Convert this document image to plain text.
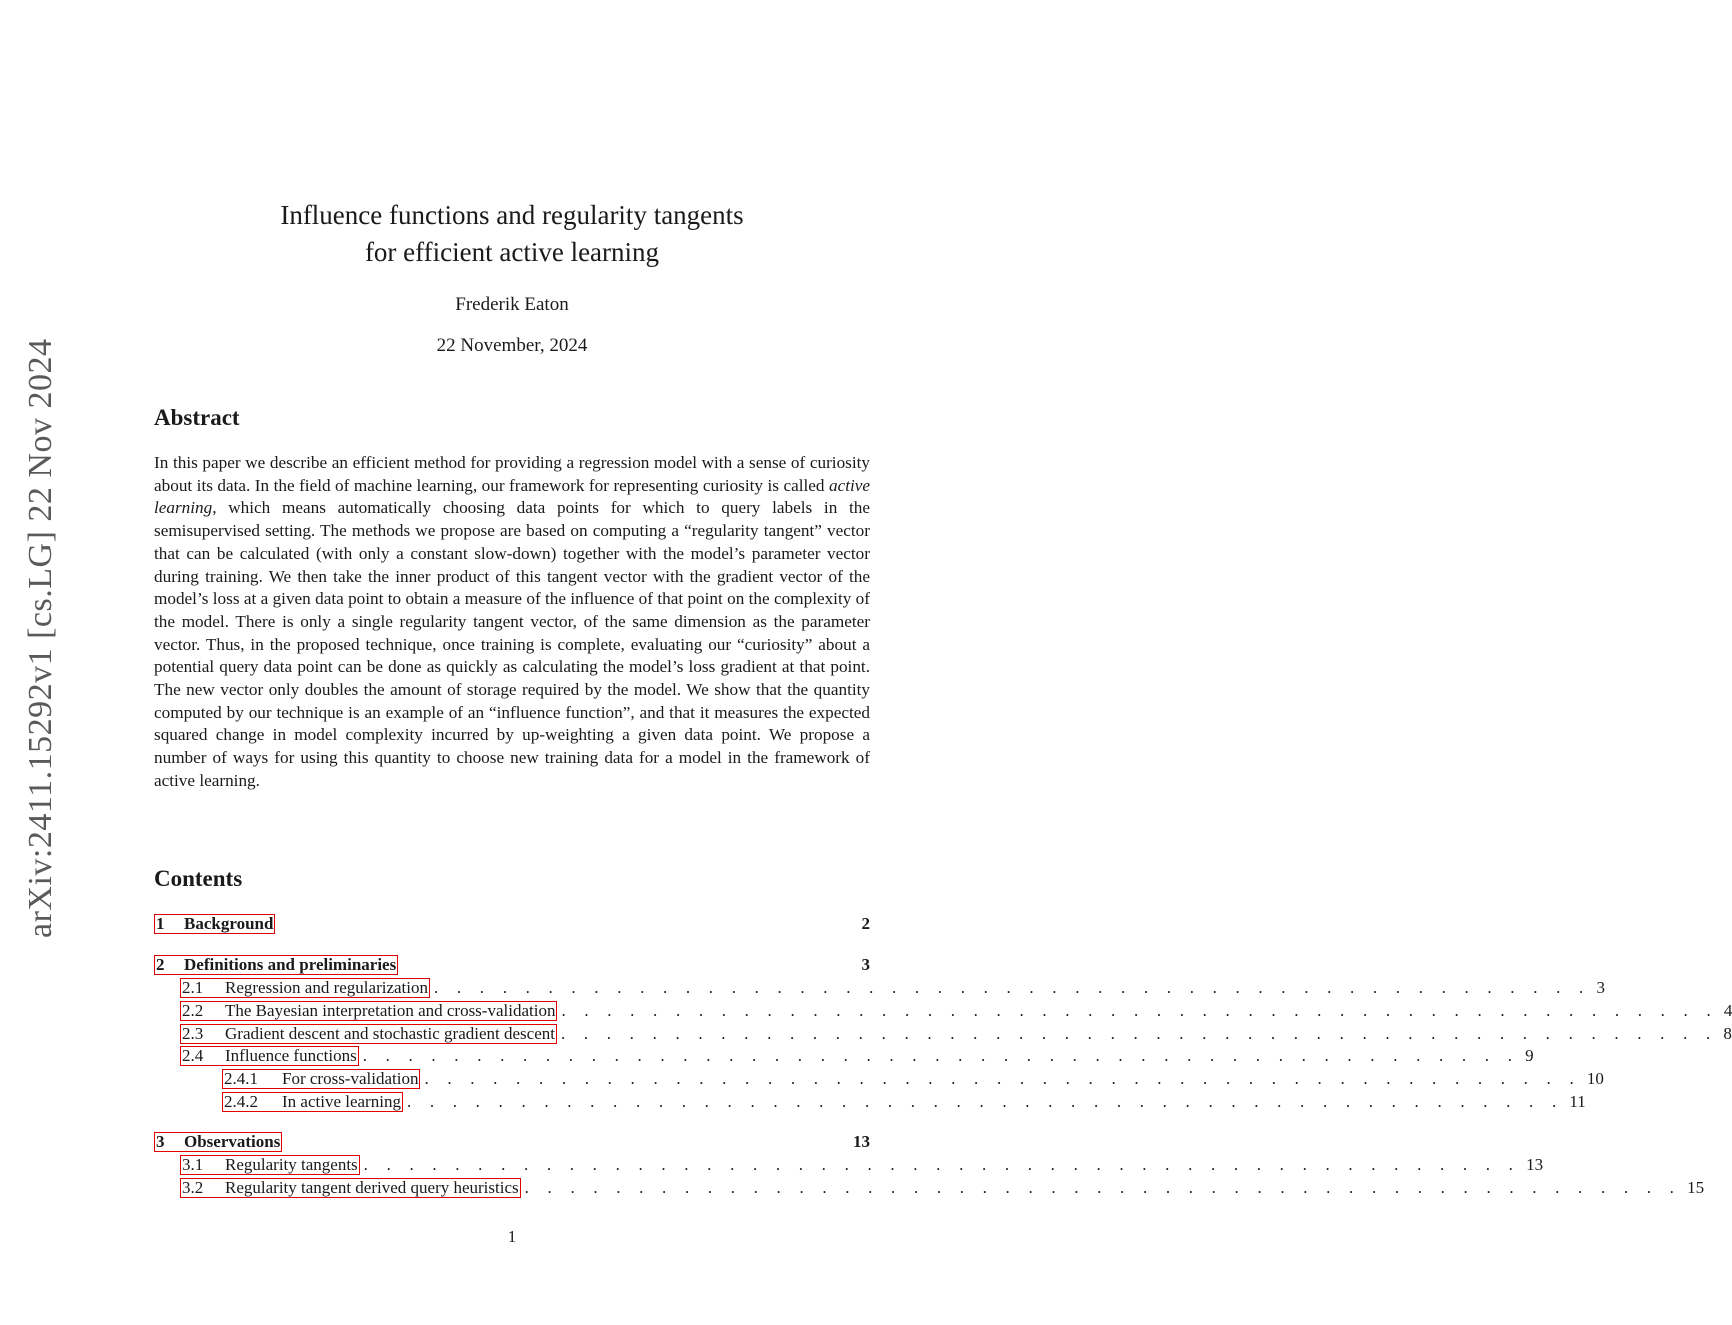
arXiv:2411.15292v1 [cs.LG] 22 Nov 2024
Influence functions and regularity tangents
for efficient active learning
Frederik Eaton
22 November, 2024
Abstract
In this paper we describe an efficient method for providing a regression model with a sense of curiosity about its data. In the field of machine learning, our framework for representing curiosity is called active learning, which means automatically choosing data points for which to query labels in the semisupervised setting. The methods we propose are based on computing a “regularity tangent” vector that can be calculated (with only a constant slow-down) together with the model’s parameter vector during training. We then take the inner product of this tangent vector with the gradient vector of the model’s loss at a given data point to obtain a measure of the influence of that point on the complexity of the model. There is only a single regularity tangent vector, of the same dimension as the parameter vector. Thus, in the proposed technique, once training is complete, evaluating our “curiosity” about a potential query data point can be done as quickly as calculating the model’s loss gradient at that point. The new vector only doubles the amount of storage required by the model. We show that the quantity computed by our technique is an example of an “influence function”, and that it measures the expected squared change in model complexity incurred by up-weighting a given data point. We propose a number of ways for using this quantity to choose new training data for a model in the framework of active learning.
Contents
1 Background	2
2 Definitions and preliminaries	3
2.1 Regression and regularization . . . . . . . . . . . . . . . . . . . . . . . . . . . . . . . . . . . . . . . . . . . . . . . . . . . 3
2.2 The Bayesian interpretation and cross-validation . . . . . . . . . . . . . . . . . . . . . . . . . . . . . . . . . . . . . . . . . . . . . . . . . . . 4
2.3 Gradient descent and stochastic gradient descent . . . . . . . . . . . . . . . . . . . . . . . . . . . . . . . . . . . . . . . . . . . . . . . . . . . 8
2.4 Influence functions . . . . . . . . . . . . . . . . . . . . . . . . . . . . . . . . . . . . . . . . . . . . . . . . . . . 9
2.4.1 For cross-validation . . . . . . . . . . . . . . . . . . . . . . . . . . . . . . . . . . . . . . . . . . . . . . . . . . . 10
2.4.2 In active learning . . . . . . . . . . . . . . . . . . . . . . . . . . . . . . . . . . . . . . . . . . . . . . . . . . . 11
3 Observations	13
3.1 Regularity tangents . . . . . . . . . . . . . . . . . . . . . . . . . . . . . . . . . . . . . . . . . . . . . . . . . . . 13
3.2 Regularity tangent derived query heuristics . . . . . . . . . . . . . . . . . . . . . . . . . . . . . . . . . . . . . . . . . . . . . . . . . . . 15
1
